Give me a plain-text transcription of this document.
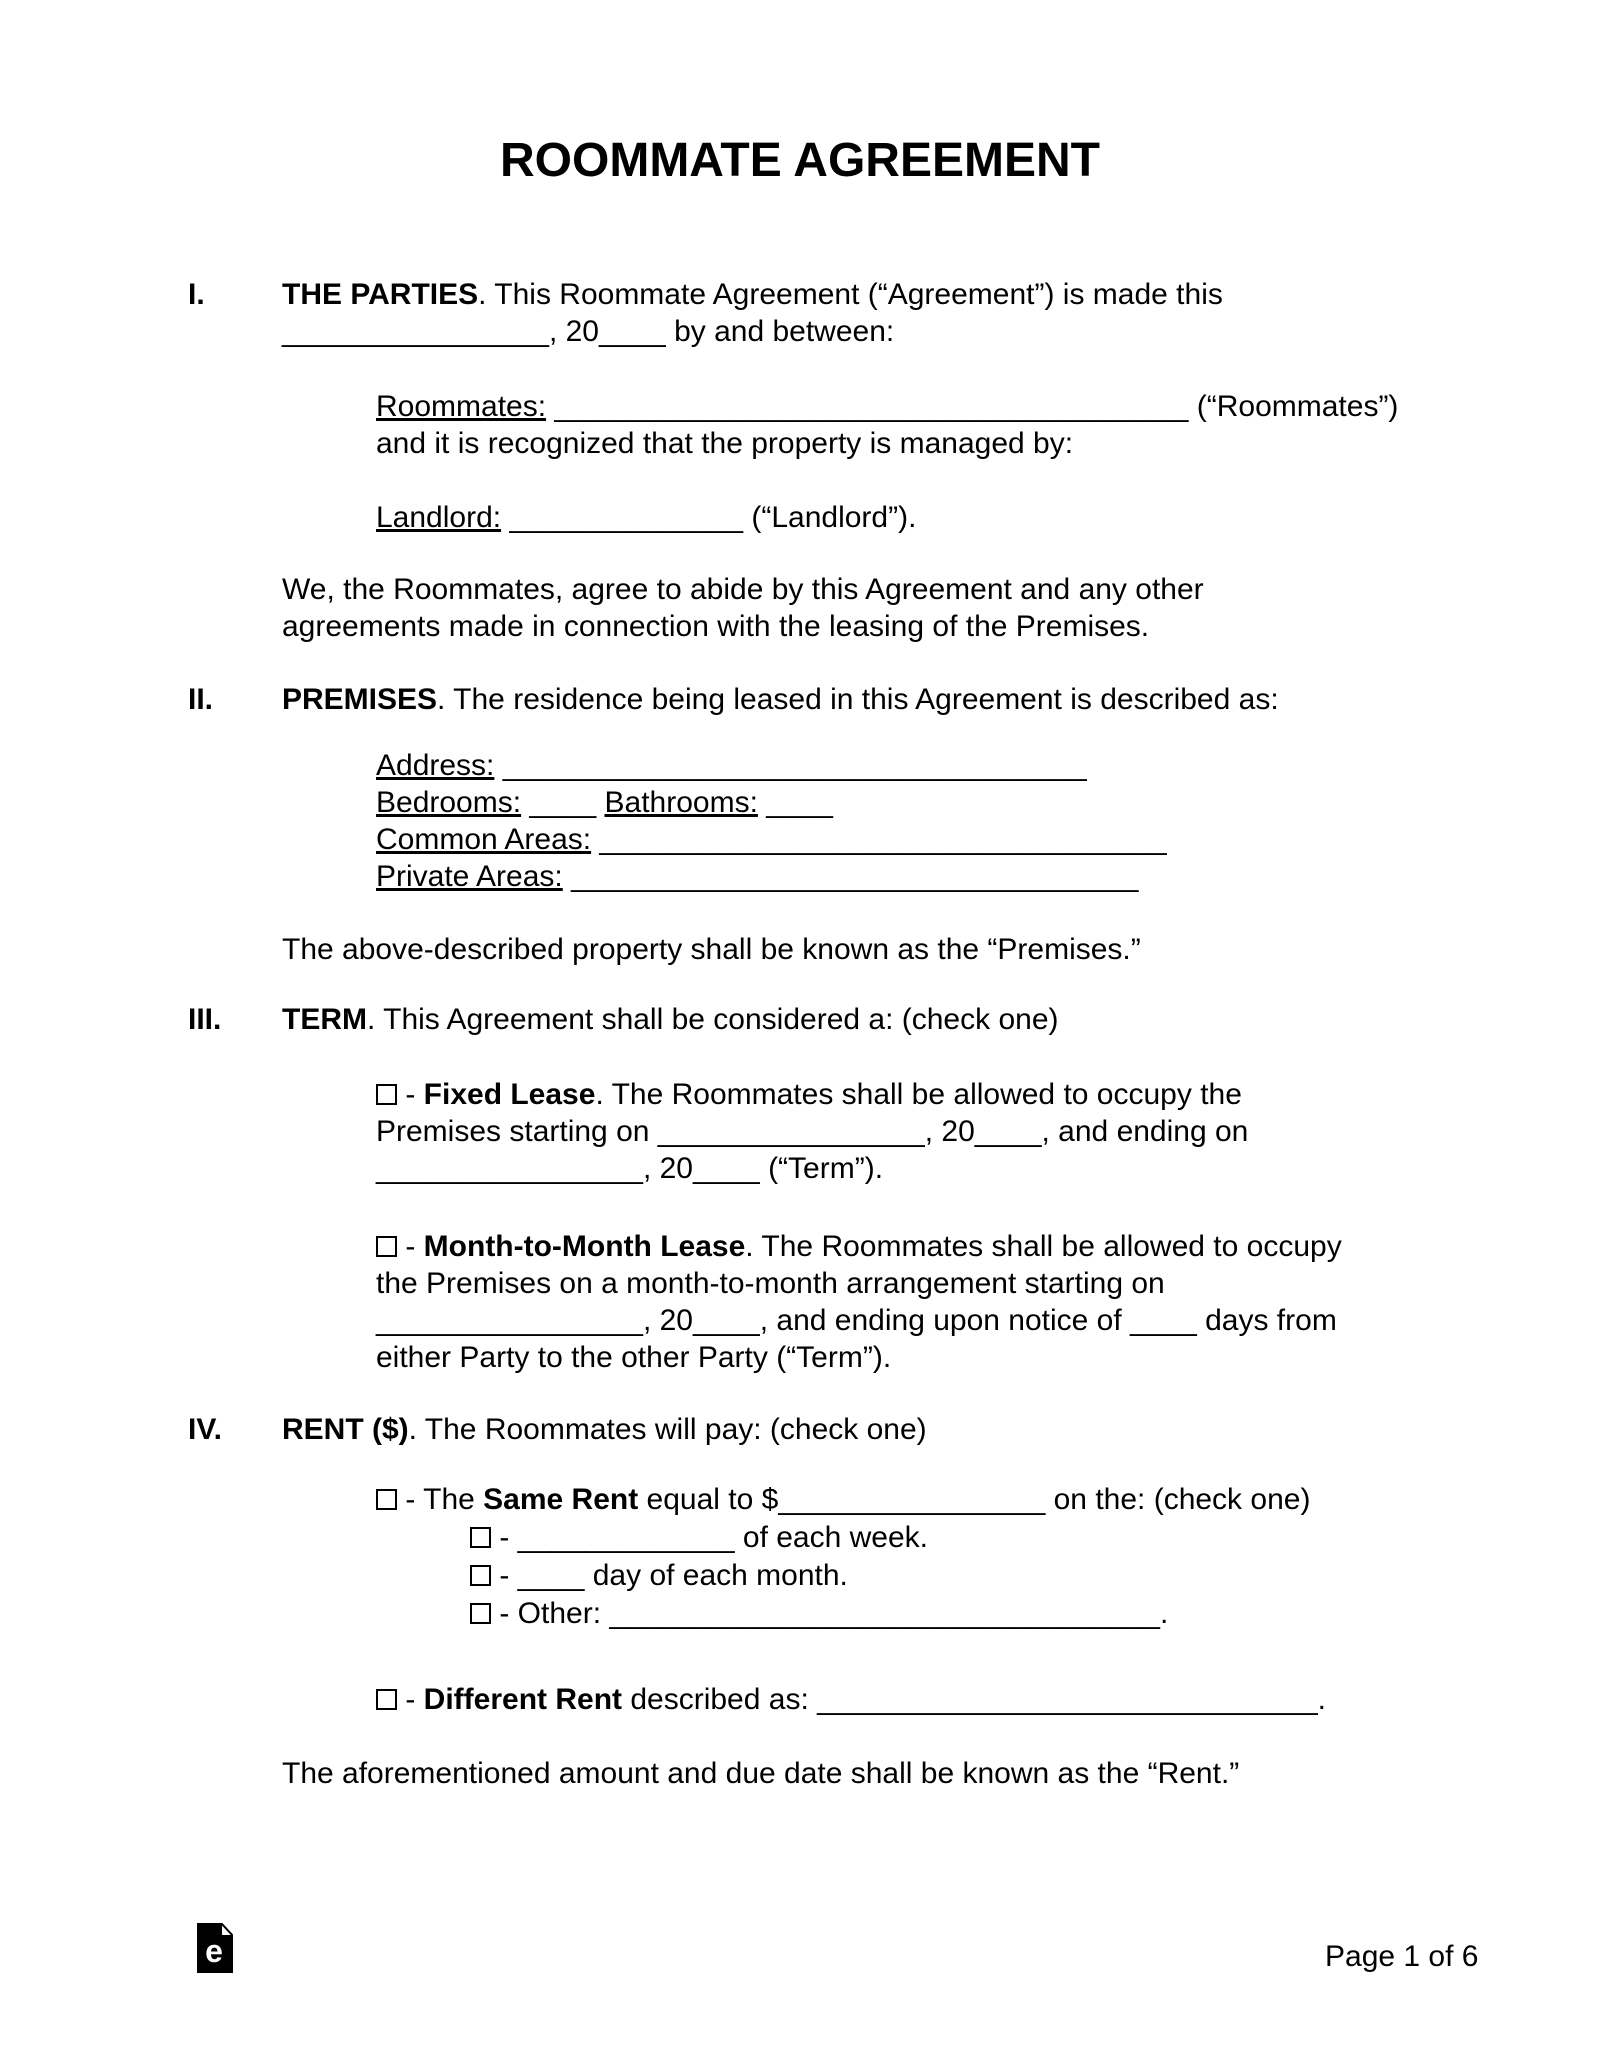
ROOMMATE AGREEMENT
I.	THE PARTIES. This Roommate Agreement (“Agreement”) is made this
________________, 20____ by and between:
Roommates: ______________________________________ (“Roommates”)
and it is recognized that the property is managed by:
Landlord: ______________ (“Landlord”).
We, the Roommates, agree to abide by this Agreement and any other
agreements made in connection with the leasing of the Premises.
II. PREMISES. The residence being leased in this Agreement is described as:
Address: ___________________________________
Bedrooms: ____ Bathrooms: ____
Common Areas: __________________________________
Private Areas: __________________________________
The above-described property shall be known as the “Premises.”
III. TERM. This Agreement shall be considered a: (check one)
- Fixed Lease. The Roommates shall be allowed to occupy the
Premises starting on ________________, 20____, and ending on
________________, 20____ (“Term”).
- Month-to-Month Lease. The Roommates shall be allowed to occupy
the Premises on a month-to-month arrangement starting on
________________, 20____, and ending upon notice of ____ days from
either Party to the other Party (“Term”).
IV. RENT ($). The Roommates will pay: (check one)
- The Same Rent equal to $________________ on the: (check one)
- _____________ of each week.
- ____ day of each month.
- Other: _________________________________.
- Different Rent described as: ______________________________.
The aforementioned amount and due date shall be known as the “Rent.”
e	Page 1 of 6
